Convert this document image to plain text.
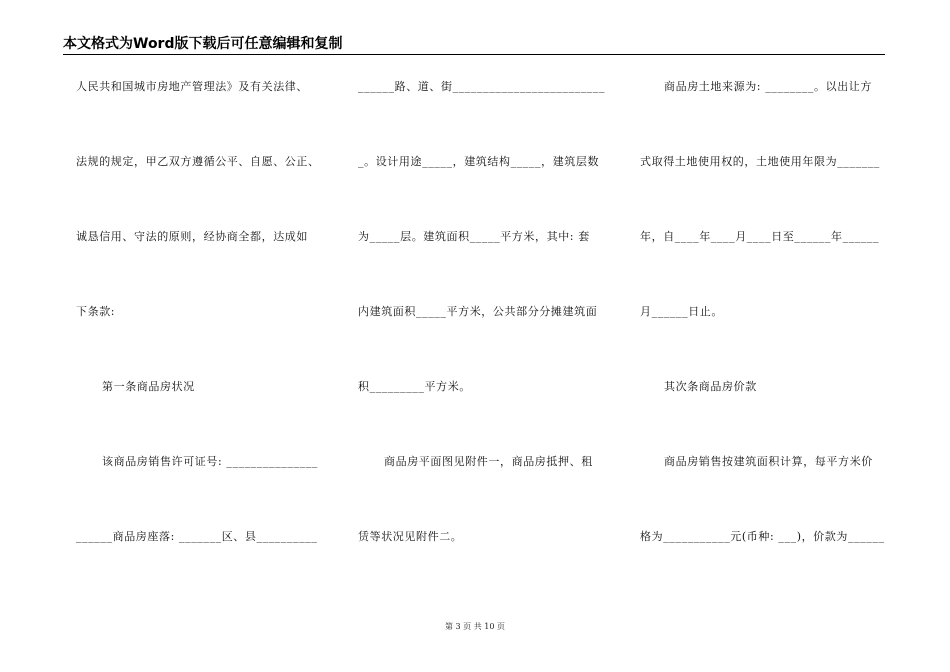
本文格式为Word版下载后可任意编辑和复制
人民共和国城市房地产管理法》及有关法律、
法规的规定，甲乙双方遵循公平、自愿、公正、
诚恳信用、守法的原则，经协商全都，达成如
下条款:
第一条商品房状况
该商品房销售许可证号: _______________
______商品房座落: _______区、县__________
______路、道、街_________________________
_。设计用途_____，建筑结构_____，建筑层数
为_____层。建筑面积_____平方米，其中: 套
内建筑面积_____平方米，公共部分分摊建筑面
积_________平方米。
商品房平面图见附件一，商品房抵押、租
赁等状况见附件二。
商品房土地来源为: ________。以出让方
式取得土地使用权的，土地使用年限为_______
年，自____年____月____日至______年______
月______日止。
其次条商品房价款
商品房销售按建筑面积计算，每平方米价
格为___________元(币种: ___)，价款为______
第 3 页 共 10 页
